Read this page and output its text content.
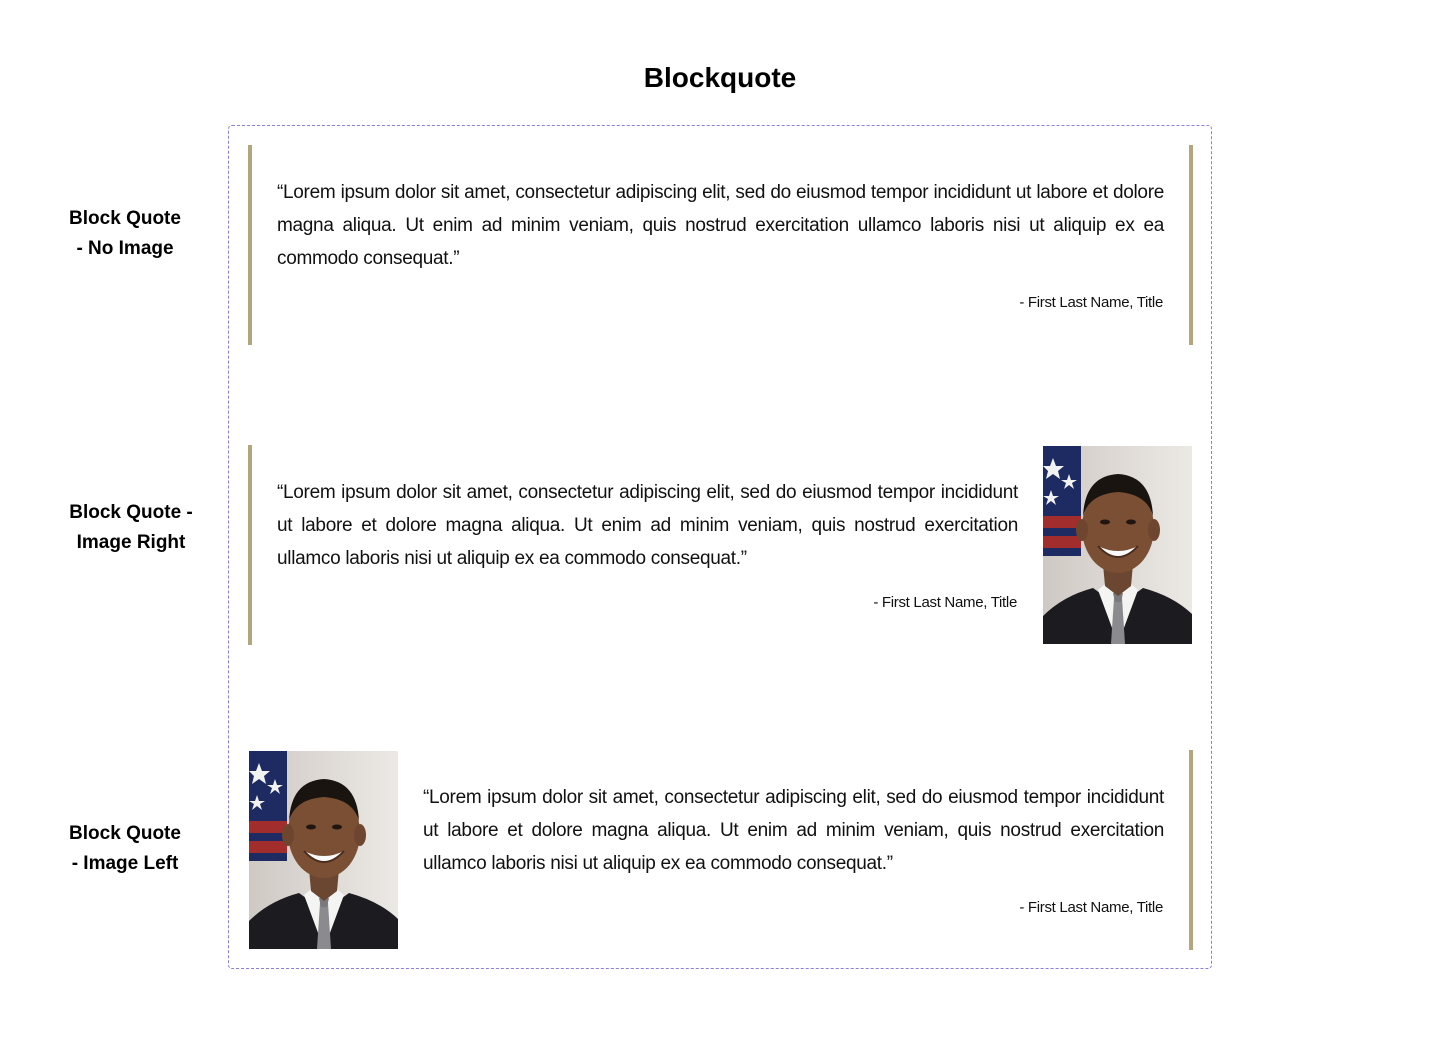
Blockquote
Block Quote
- No Image
Block Quote -
Image Right
Block Quote
- Image Left

“Lorem ipsum dolor sit amet, consectetur adipiscing elit, sed do eiusmod tempor incididunt ut labore et dolore magna aliqua. Ut enim ad minim veniam, quis nostrud exercitation ullamco laboris nisi ut aliquip ex ea commodo consequat.”

- First Last Name, Title

“Lorem ipsum dolor sit amet, consectetur adipiscing elit, sed do eiusmod tempor incididunt ut labore et dolore magna aliqua. Ut enim ad minim veniam, quis nostrud exercitation ullamco laboris nisi ut aliquip ex ea commodo consequat.”

- First Last Name, Title

“Lorem ipsum dolor sit amet, consectetur adipiscing elit, sed do eiusmod tempor incididunt ut labore et dolore magna aliqua. Ut enim ad minim veniam, quis nostrud exercitation ullamco laboris nisi ut aliquip ex ea commodo consequat.”

- First Last Name, Title
